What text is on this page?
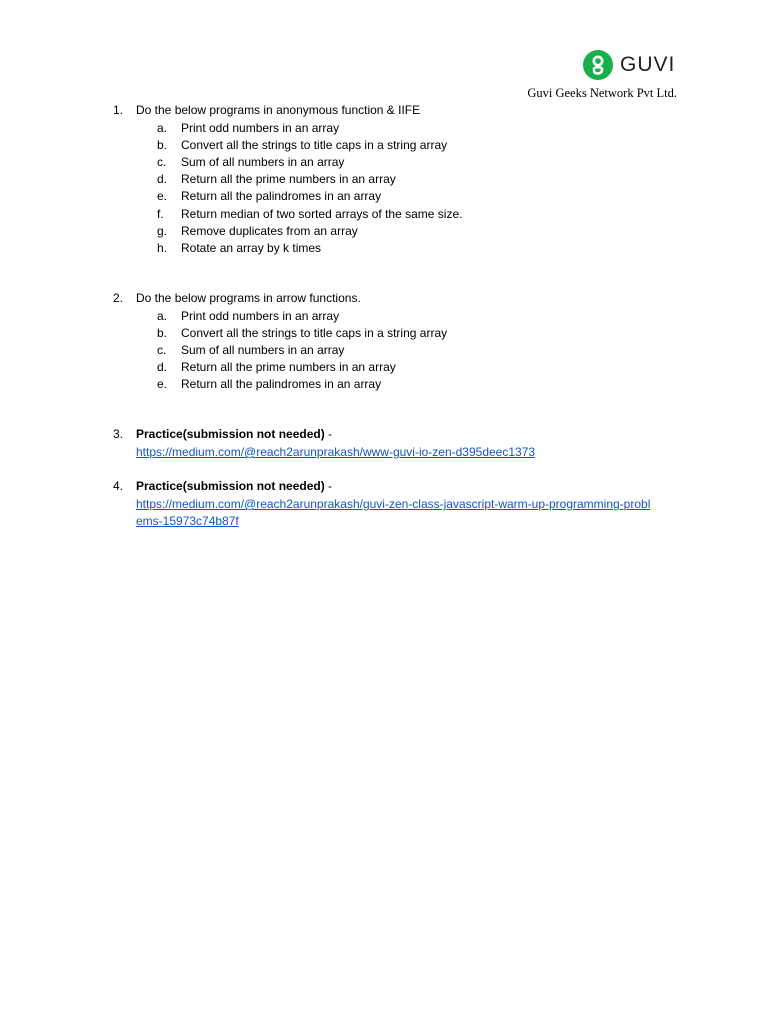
GUVI
Guvi Geeks Network Pvt Ltd.
1.	Do the below programs in anonymous function & IIFE
a. Print odd numbers in an array
b. Convert all the strings to title caps in a string array
c. Sum of all numbers in an array
d. Return all the prime numbers in an array
e. Return all the palindromes in an array
f. Return median of two sorted arrays of the same size.
g. Remove duplicates from an array
h. Rotate an array by k times
2.	Do the below programs in arrow functions.
a. Print odd numbers in an array
b. Convert all the strings to title caps in a string array
c. Sum of all numbers in an array
d. Return all the prime numbers in an array
e. Return all the palindromes in an array
3.	Practice(submission not needed) -
https://medium.com/@reach2arunprakash/www-guvi-io-zen-d395deec1373
4.	Practice(submission not needed) -
https://medium.com/@reach2arunprakash/guvi-zen-class-javascript-warm-up-programming-probl
ems-15973c74b87f
